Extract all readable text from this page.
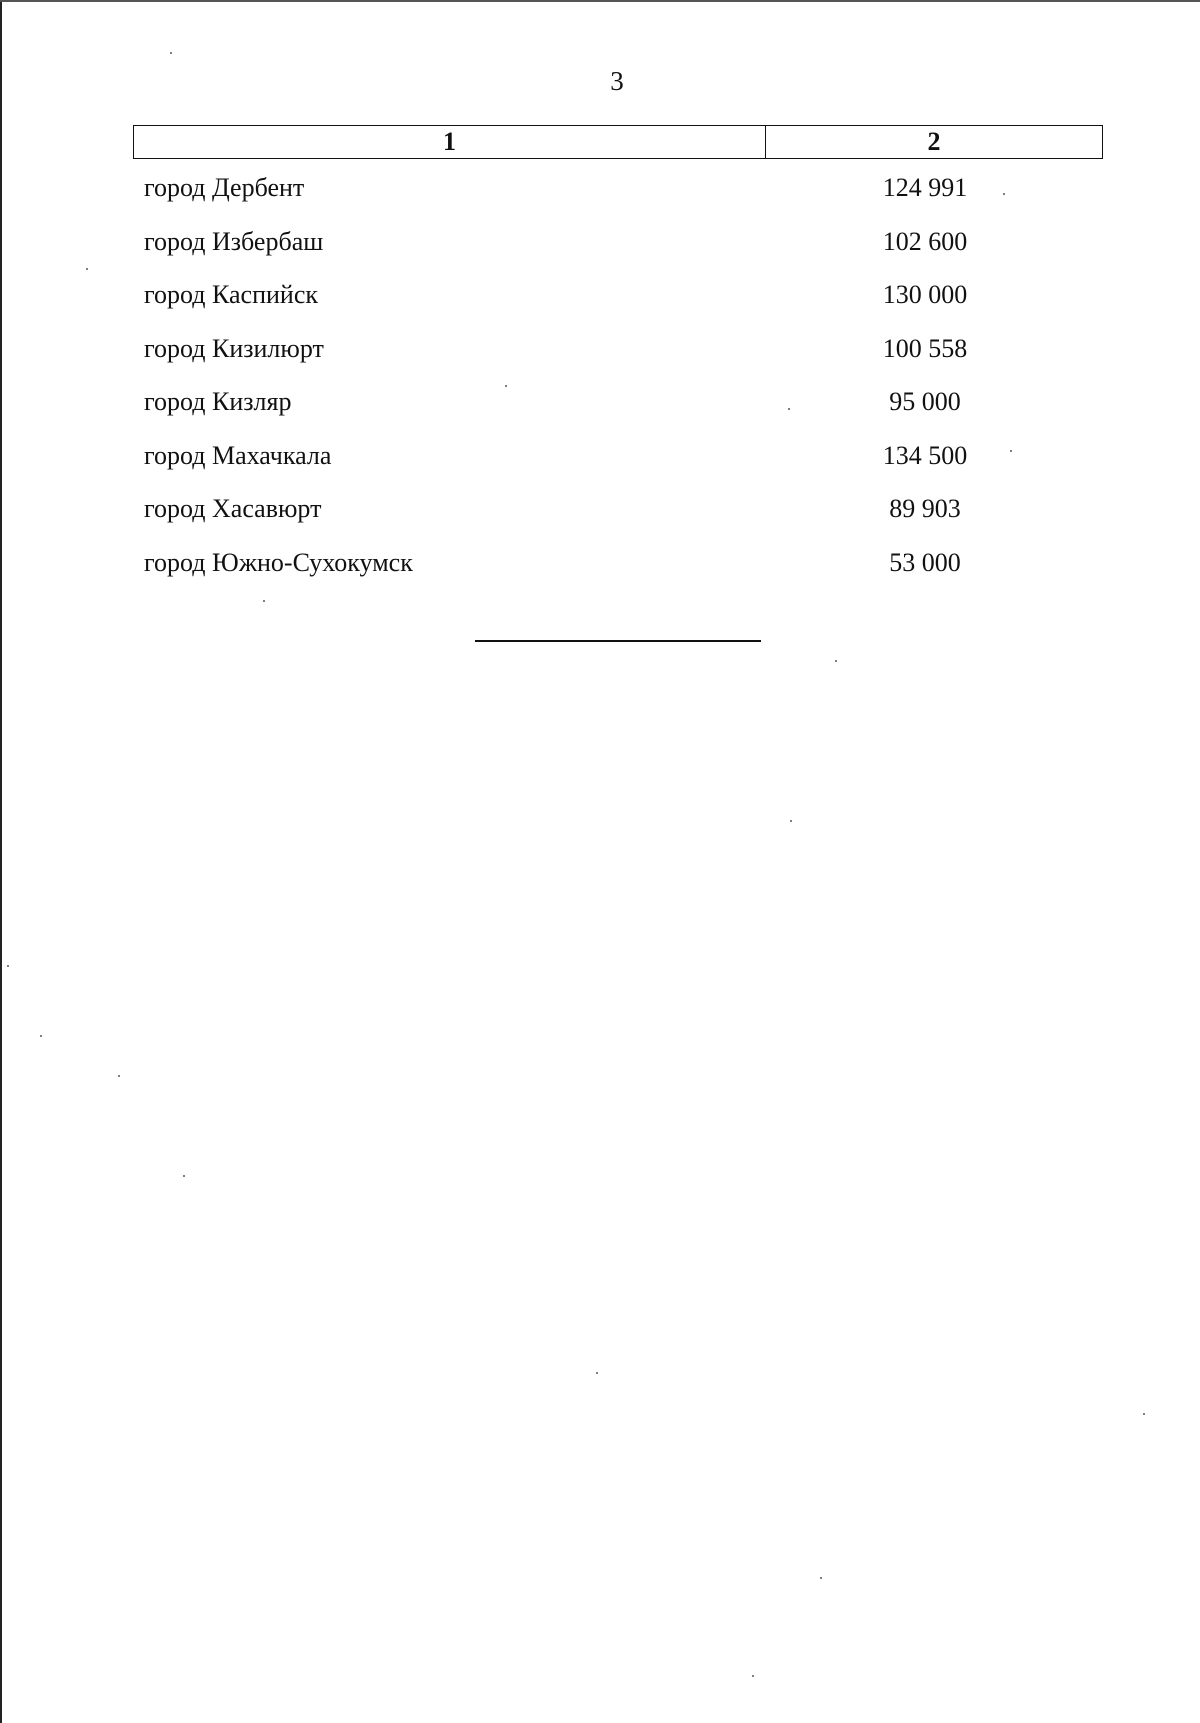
3
1	2
город Дербент	124 991
город Избербаш	102 600
город Каспийск	130 000
город Кизилюрт	100 558
город Кизляр	95 000
город Махачкала	134 500
город Хасавюрт	89 903
город Южно-Сухокумск	53 000
